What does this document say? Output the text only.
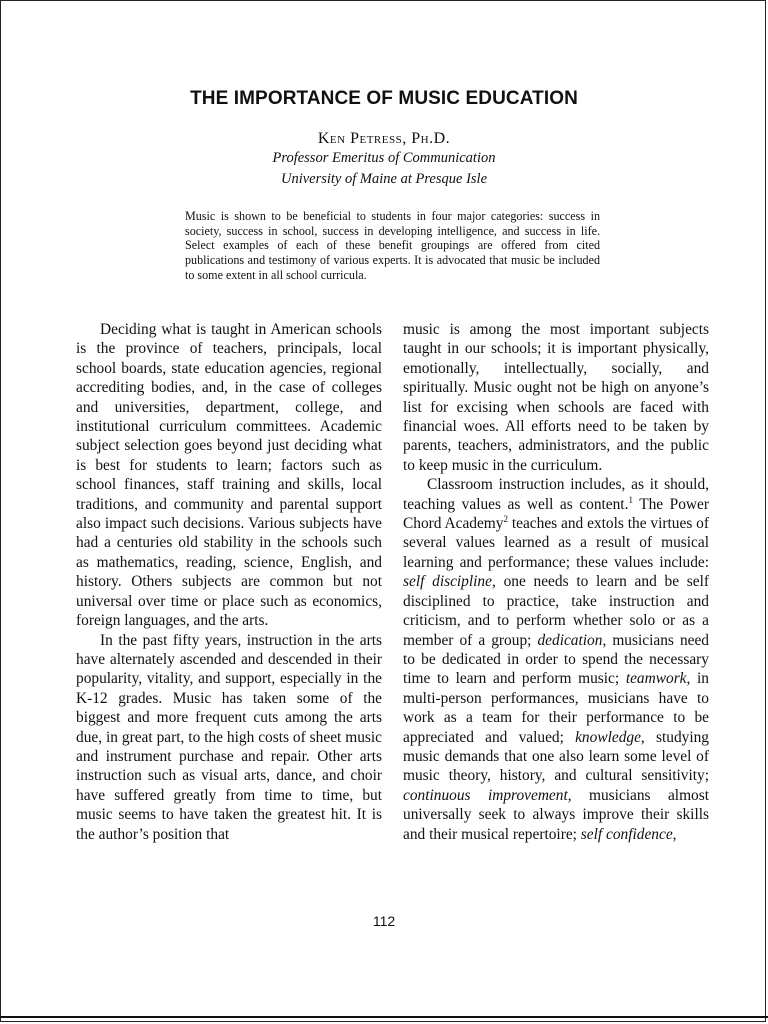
THE IMPORTANCE OF MUSIC EDUCATION
Ken Petress, Ph.D.
Professor Emeritus of Communication
University of Maine at Presque Isle
Music is shown to be beneficial to students in four major categories: success in society, success in school, success in developing intelligence, and success in life. Select examples of each of these benefit groupings are offered from cited publications and testimony of various experts. It is advocated that music be included to some extent in all school curricula.

Deciding what is taught in American schools is the province of teachers, principals, local school boards, state education agencies, regional accrediting bodies, and, in the case of colleges and universities, department, college, and institutional curriculum committees. Academic subject selection goes beyond just deciding what is best for students to learn; factors such as school finances, staff training and skills, local traditions, and community and parental support also impact such decisions. Various subjects have had a centuries old stability in the schools such as mathematics, reading, science, English, and history. Others subjects are common but not universal over time or place such as economics, foreign languages, and the arts.

In the past fifty years, instruction in the arts have alternately ascended and descended in their popularity, vitality, and support, especially in the K-12 grades. Music has taken some of the biggest and more frequent cuts among the arts due, in great part, to the high costs of sheet music and instrument purchase and repair. Other arts instruction such as visual arts, dance, and choir have suffered greatly from time to time, but music seems to have taken the greatest hit. It is the author’s position that

music is among the most important subjects taught in our schools; it is important physically, emotionally, intellectually, socially, and spiritually. Music ought not be high on anyone’s list for excising when schools are faced with financial woes. All efforts need to be taken by parents, teachers, administrators, and the public to keep music in the curriculum.

Classroom instruction includes, as it should, teaching values as well as content.$^1$ The Power Chord Academy$^2$ teaches and extols the virtues of several values learned as a result of musical learning and performance; these values include: self discipline, one needs to learn and be self disciplined to practice, take instruction and criticism, and to perform whether solo or as a member of a group; dedication, musicians need to be dedicated in order to spend the necessary time to learn and perform music; teamwork, in multi-person performances, musicians have to work as a team for their performance to be appreciated and valued; knowledge, studying music demands that one also learn some level of music theory, history, and cultural sensitivity; continuous improvement, musicians almost universally seek to always improve their skills and their musical repertoire; self confidence,

112
